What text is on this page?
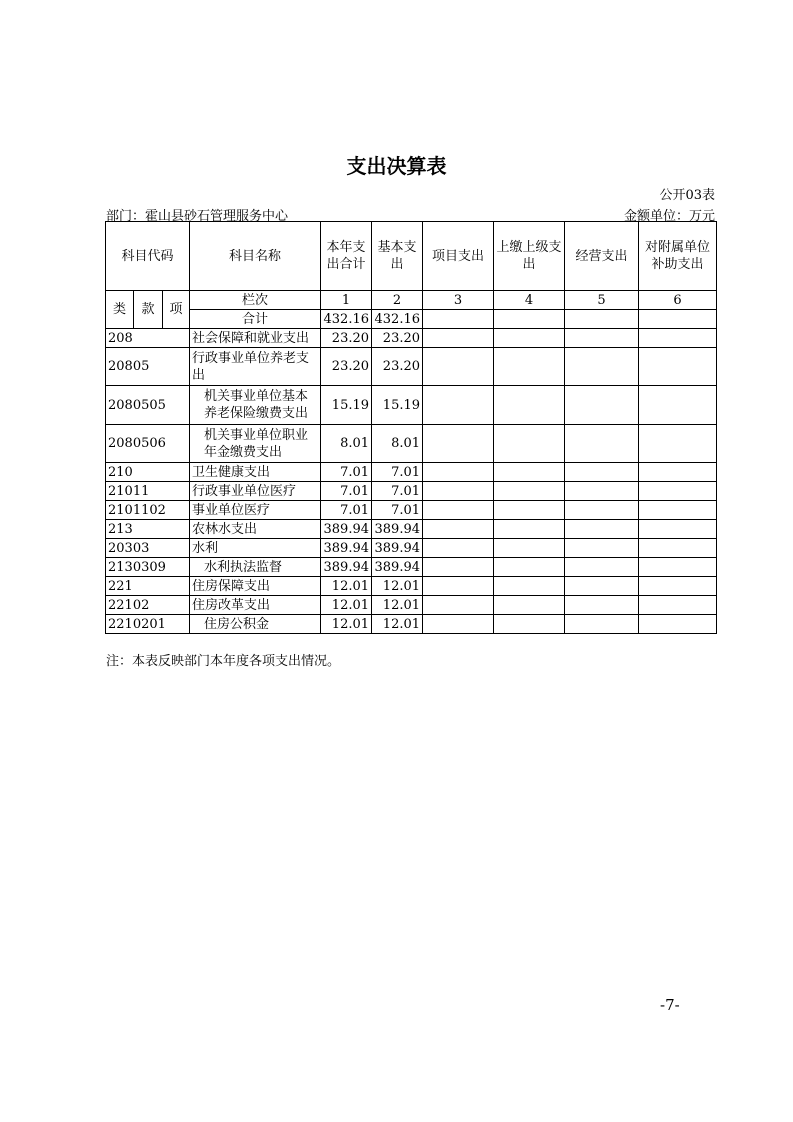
支出决算表
公开03表
部门：霍山县砂石管理服务中心	金额单位：万元
科目代码			科目名称	本年支出合计	基本支出	项目支出	上缴上级支出	经营支出	对附属单位补助支出
类	款	项	栏次	1	2	3	4	5	6
			合计	432.16	432.16				
208			社会保障和就业支出	23.20	23.20				
20805			行政事业单位养老支出	23.20	23.20				
2080505			机关事业单位基本养老保险缴费支出	15.19	15.19				
2080506			机关事业单位职业年金缴费支出	8.01	8.01				
210			卫生健康支出	7.01	7.01				
21011			行政事业单位医疗	7.01	7.01				
2101102			事业单位医疗	7.01	7.01				
213			农林水支出	389.94	389.94				
20303			水利	389.94	389.94				
2130309			水利执法监督	389.94	389.94				
221			住房保障支出	12.01	12.01				
22102			住房改革支出	12.01	12.01				
2210201			住房公积金	12.01	12.01				
注：本表反映部门本年度各项支出情况。
-7-
